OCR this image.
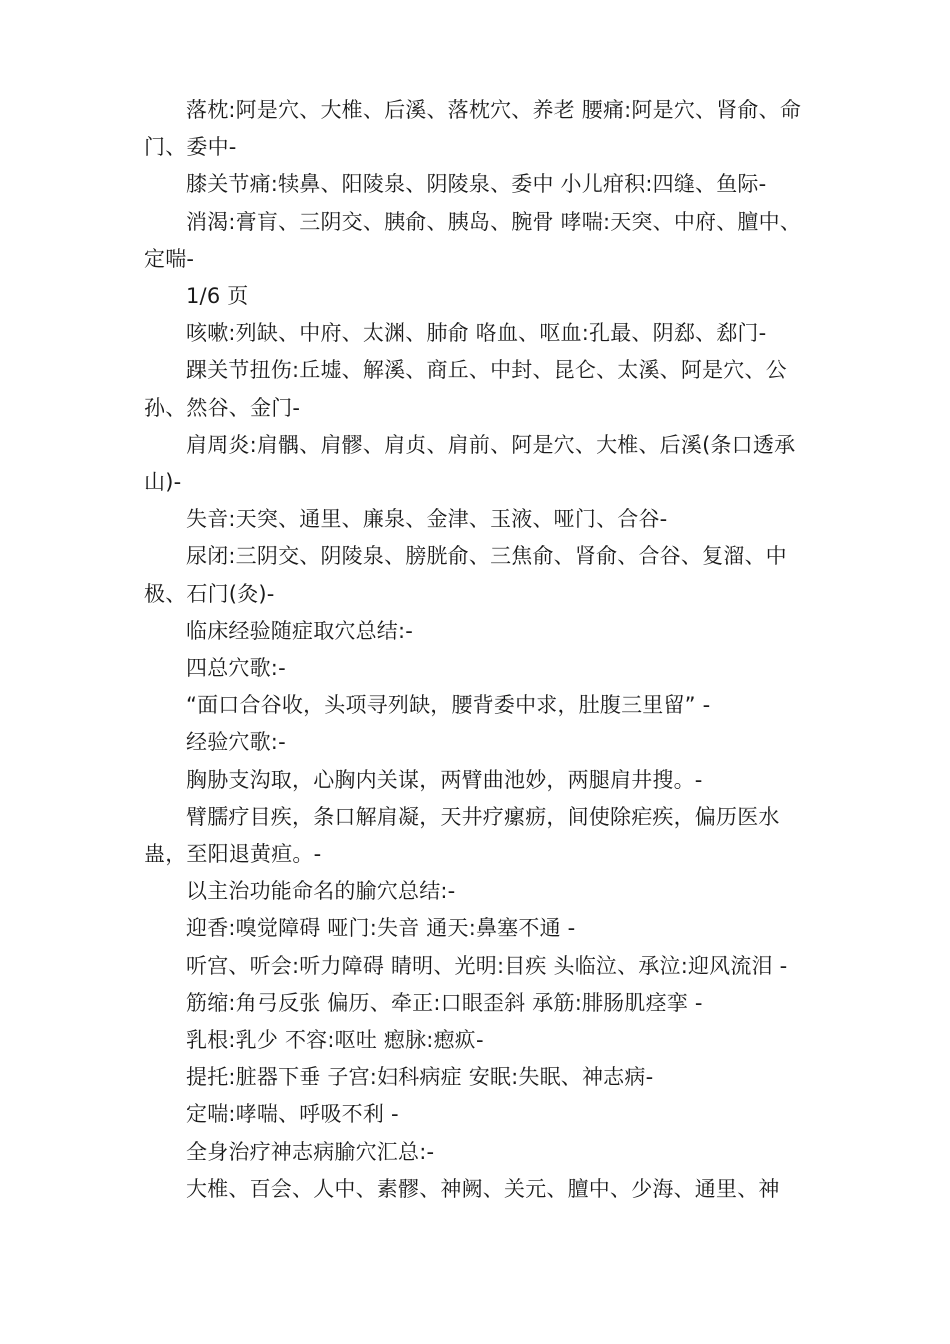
落枕:阿是穴、大椎、后溪、落枕穴、养老 腰痛:阿是穴、肾俞、命门、委中-

膝关节痛:犊鼻、阳陵泉、阴陵泉、委中 小儿疳积:四缝、鱼际-

消渴:膏肓、三阴交、胰俞、胰岛、腕骨 哮喘:天突、中府、膻中、定喘-

1/6 页

咳嗽:列缺、中府、太渊、肺俞 咯血、呕血:孔最、阴郄、郄门-

踝关节扭伤:丘墟、解溪、商丘、中封、昆仑、太溪、阿是穴、公孙、然谷、金门-

肩周炎:肩髃、肩髎、肩贞、肩前、阿是穴、大椎、后溪(条口透承山)-

失音:天突、通里、廉泉、金津、玉液、哑门、合谷-

尿闭:三阴交、阴陵泉、膀胱俞、三焦俞、肾俞、合谷、复溜、中极、石门(灸)-

临床经验随症取穴总结:-

四总穴歌:-

“面口合谷收，头项寻列缺，腰背委中求，肚腹三里留” -

经验穴歌:-

胸胁支沟取，心胸内关谋，两臂曲池妙，两腿肩井搜。-

臂臑疗目疾，条口解肩凝，天井疗瘰疬，间使除疟疾，偏历医水蛊，至阳退黄疸。-

以主治功能命名的腧穴总结:-

迎香:嗅觉障碍 哑门:失音 通天:鼻塞不通 -

听宫、听会:听力障碍 睛明、光明:目疾 头临泣、承泣:迎风流泪 -

筋缩:角弓反张 偏历、牵正:口眼歪斜 承筋:腓肠肌痉挛 -

乳根:乳少 不容:呕吐 瘛脉:瘛疭-

提托:脏器下垂 子宫:妇科病症 安眠:失眠、神志病-

定喘:哮喘、呼吸不利 -

全身治疗神志病腧穴汇总:-

大椎、百会、人中、素髎、神阙、关元、膻中、少海、通里、神
